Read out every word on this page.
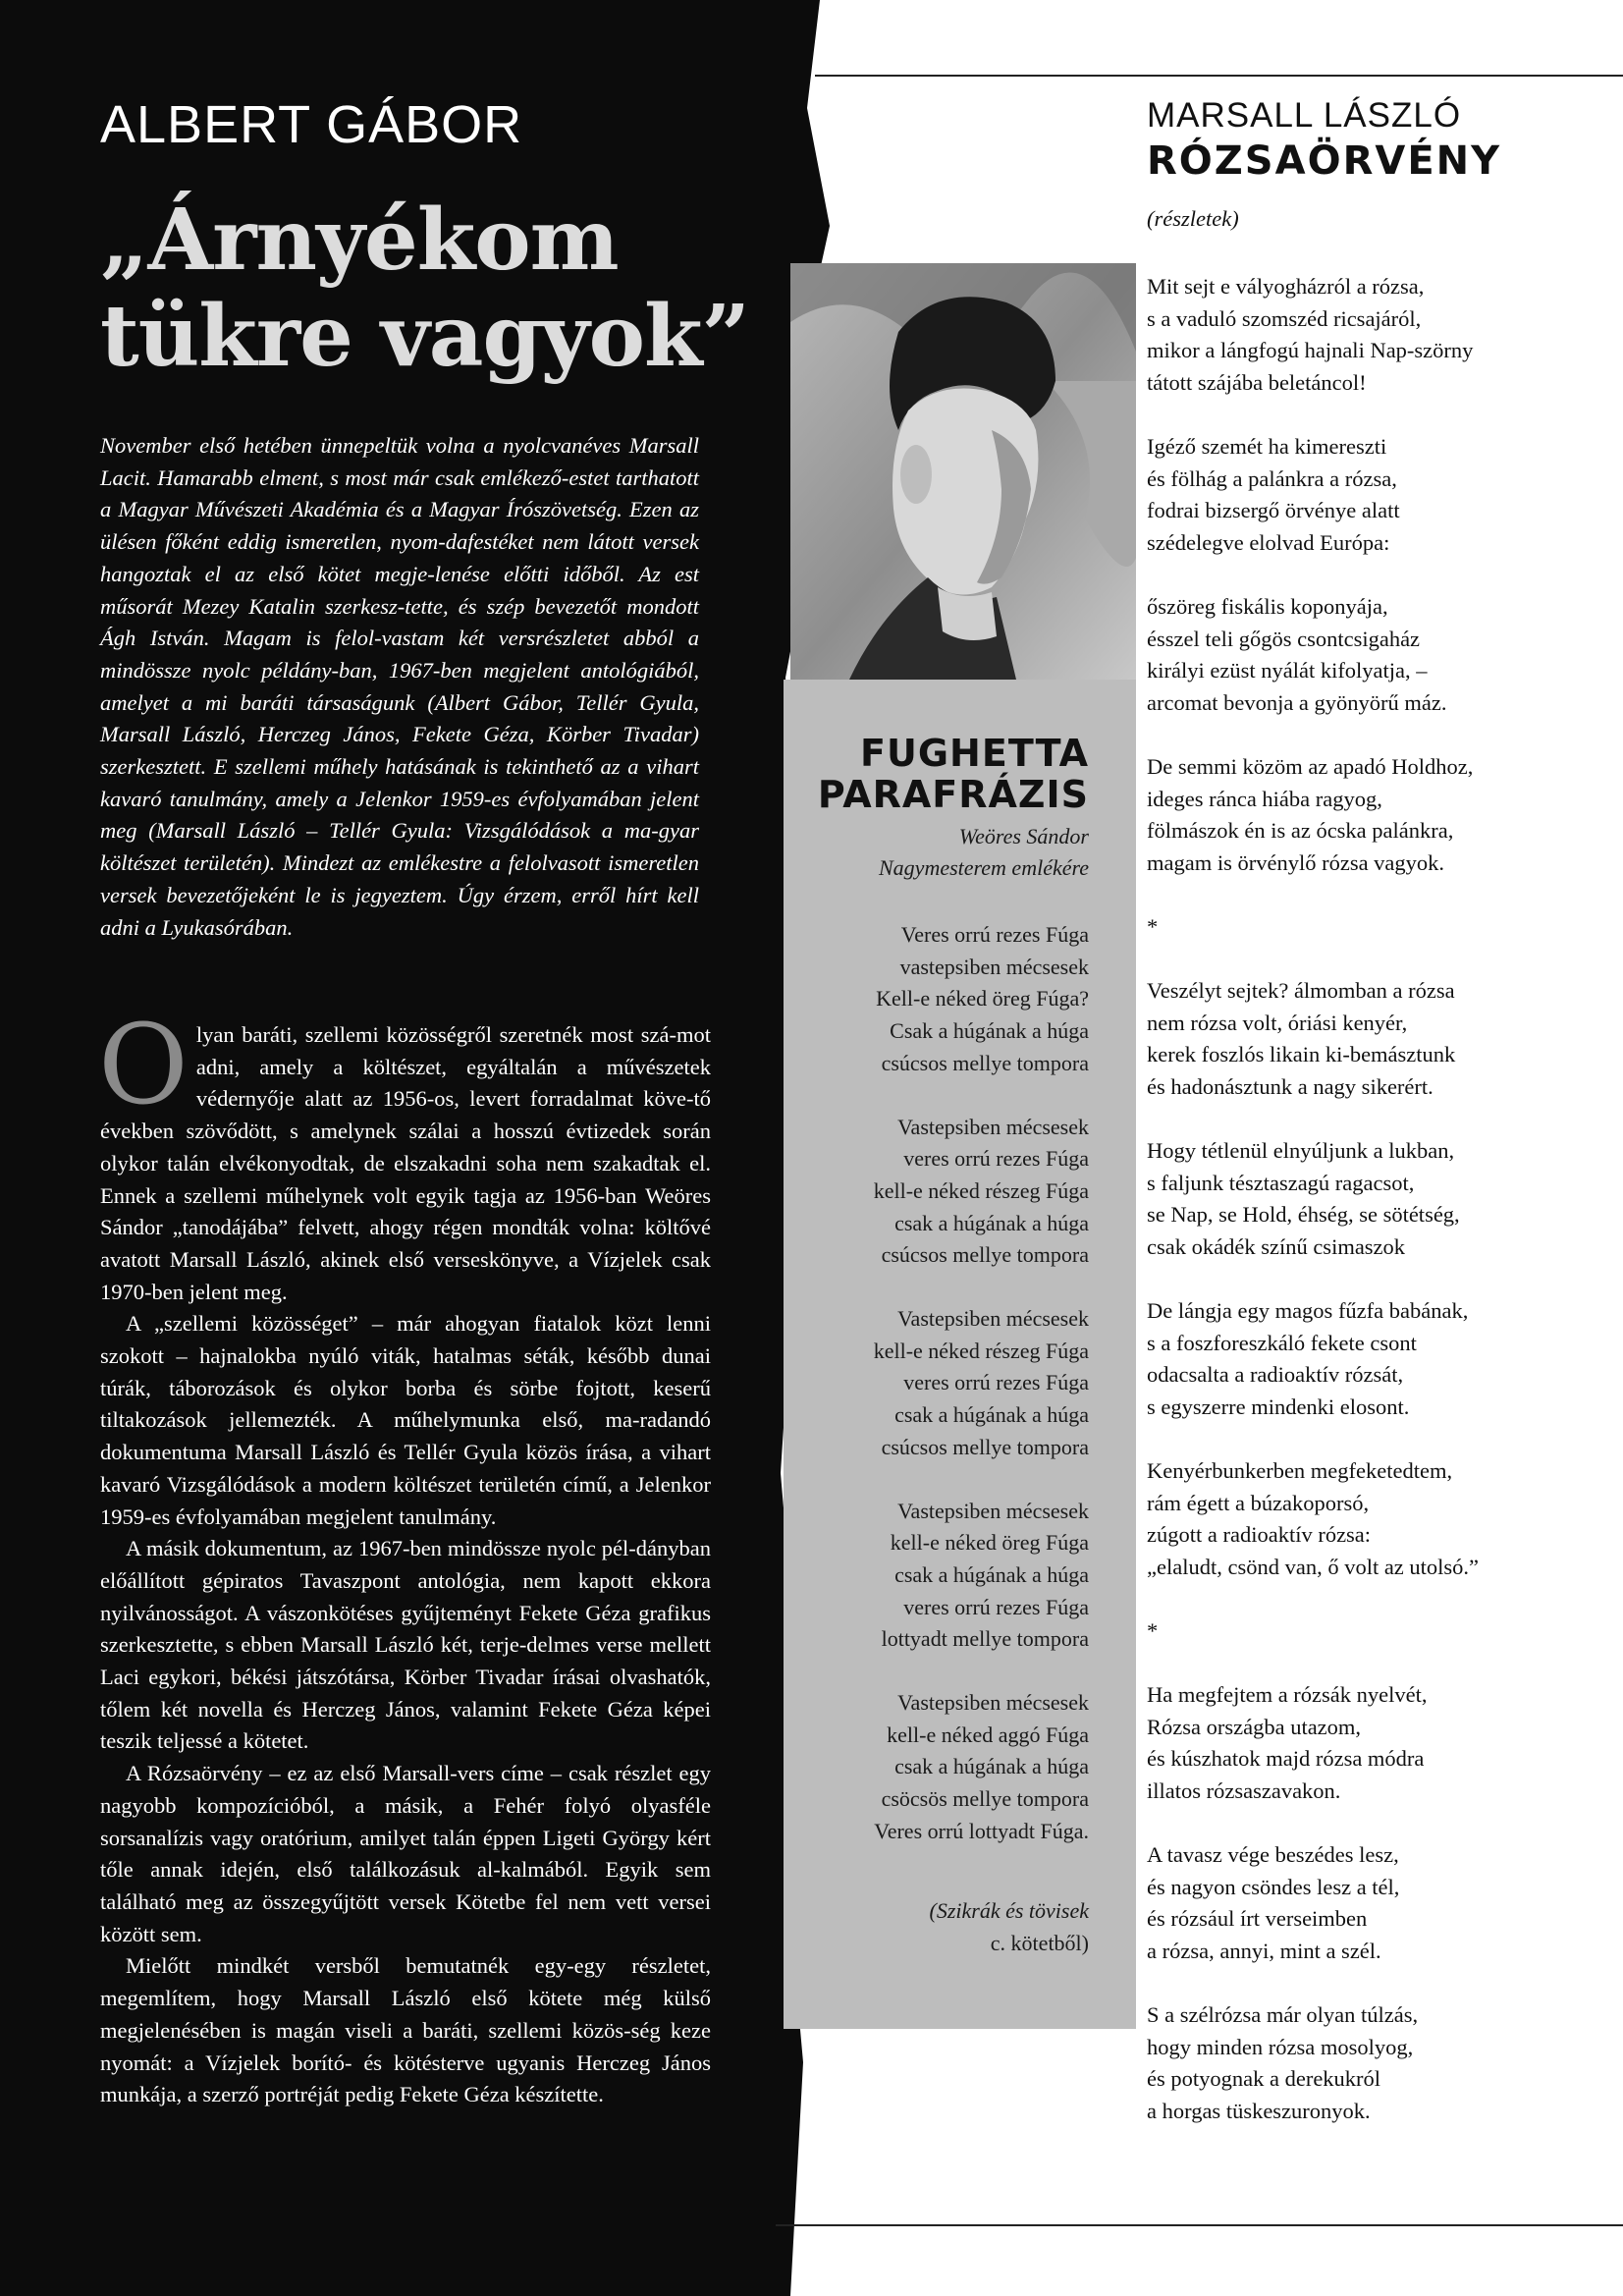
ALBERT GÁBOR
„Árnyékom
tükre vagyok”

November első hetében ünnepeltük volna a nyolcvanéves Marsall Lacit. Hamarabb elment, s most már csak emlékező-estet tarthatott a Magyar Művészeti Akadémia és a Magyar Írószövetség. Ezen az ülésen főként eddig ismeretlen, nyom-dafestéket nem látott versek hangoztak el az első kötet megje-lenése előtti időből. Az est műsorát Mezey Katalin szerkesz-tette, és szép bevezetőt mondott Ágh István. Magam is felol-vastam két versrészletet abból a mindössze nyolc példány-ban, 1967-ben megjelent antológiából, amelyet a mi baráti társaságunk (Albert Gábor, Tellér Gyula, Marsall László, Herczeg János, Fekete Géza, Körber Tivadar) szerkesztett. E szellemi műhely hatásának is tekinthető az a vihart kavaró tanulmány, amely a Jelenkor 1959-es évfolyamában jelent meg (Marsall László – Tellér Gyula: Vizsgálódások a ma-gyar költészet területén). Mindezt az emlékestre a felolvasott ismeretlen versek bevezetőjeként le is jegyeztem. Úgy érzem, erről hírt kell adni a Lyukasórában.

Olyan baráti, szellemi közösségről szeretnék most szá-mot adni, amely a költészet, egyáltalán a művészetek védernyője alatt az 1956-os, levert forradalmat köve-tő években szövődött, s amelynek szálai a hosszú évtizedek során olykor talán elvékonyodtak, de elszakadni soha nem szakadtak el. Ennek a szellemi műhelynek volt egyik tagja az 1956-ban Weöres Sándor „tanodájába” felvett, ahogy régen mondták volna: költővé avatott Marsall László, akinek első verseskönyve, a Vízjelek csak 1970-ben jelent meg.

A „szellemi közösséget” – már ahogyan fiatalok közt lenni szokott – hajnalokba nyúló viták, hatalmas séták, később dunai túrák, táborozások és olykor borba és sörbe fojtott, keserű tiltakozások jellemezték. A műhelymunka első, ma-radandó dokumentuma Marsall László és Tellér Gyula közös írása, a vihart kavaró Vizsgálódások a modern költészet területén című, a Jelenkor 1959-es évfolyamában megjelent tanulmány.

A másik dokumentum, az 1967-ben mindössze nyolc pél-dányban előállított gépiratos Tavaszpont antológia, nem kapott ekkora nyilvánosságot. A vászonkötéses gyűjteményt Fekete Géza grafikus szerkesztette, s ebben Marsall László két, terje-delmes verse mellett Laci egykori, békési játszótársa, Körber Tivadar írásai olvashatók, tőlem két novella és Herczeg János, valamint Fekete Géza képei teszik teljessé a kötetet.

A Rózsaörvény – ez az első Marsall-vers címe – csak részlet egy nagyobb kompozícióból, a másik, a Fehér folyó olyasféle sorsanalízis vagy oratórium, amilyet talán éppen Ligeti György kért tőle annak idején, első találkozásuk al-kalmából. Egyik sem található meg az összegyűjtött versek Kötetbe fel nem vett versei között sem.

Mielőtt mindkét versből bemutatnék egy-egy részletet, megemlítem, hogy Marsall László első kötete még külső megjelenésében is magán viseli a baráti, szellemi közös-ség keze nyomát: a Vízjelek borító- és kötésterve ugyanis Herczeg János munkája, a szerző portréját pedig Fekete Géza készítette.

FUGHETTA
PARAFRÁZIS
Weöres Sándor
Nagymesterem emlékére
Veres orrú rezes Fúga
vastepsiben mécsesek
Kell-e néked öreg Fúga?
Csak a húgának a húga
csúcsos mellye tompora
Vastepsiben mécsesek
veres orrú rezes Fúga
kell-e néked részeg Fúga
csak a húgának a húga
csúcsos mellye tompora
Vastepsiben mécsesek
kell-e néked részeg Fúga
veres orrú rezes Fúga
csak a húgának a húga
csúcsos mellye tompora
Vastepsiben mécsesek
kell-e néked öreg Fúga
csak a húgának a húga
veres orrú rezes Fúga
lottyadt mellye tompora
Vastepsiben mécsesek
kell-e néked aggó Fúga
csak a húgának a húga
csöcsös mellye tompora
Veres orrú lottyadt Fúga.
(Szikrák és tövisek
c. kötetből)
MARSALL LÁSZLÓ
RÓZSAÖRVÉNY
(részletek)
Mit sejt e vályogházról a rózsa,
s a vaduló szomszéd ricsajáról,
mikor a lángfogú hajnali Nap-szörny
tátott szájába beletáncol!
Igéző szemét ha kimereszti
és fölhág a palánkra a rózsa,
fodrai bizsergő örvénye alatt
szédelegve elolvad Európa:
őszöreg fiskális koponyája,
ésszel teli gőgös csontcsigaház
királyi ezüst nyálát kifolyatja, –
arcomat bevonja a gyönyörű máz.
De semmi közöm az apadó Holdhoz,
ideges ránca hiába ragyog,
fölmászok én is az ócska palánkra,
magam is örvénylő rózsa vagyok.
*
Veszélyt sejtek? álmomban a rózsa
nem rózsa volt, óriási kenyér,
kerek foszlós likain ki-bemásztunk
és hadonásztunk a nagy sikerért.
Hogy tétlenül elnyúljunk a lukban,
s faljunk tésztaszagú ragacsot,
se Nap, se Hold, éhség, se sötétség,
csak okádék színű csimaszok
De lángja egy magos fűzfa babának,
s a foszforeszkáló fekete csont
odacsalta a radioaktív rózsát,
s egyszerre mindenki elosont.
Kenyérbunkerben megfeketedtem,
rám égett a búzakoporsó,
zúgott a radioaktív rózsa:
„elaludt, csönd van, ő volt az utolsó.”
*
Ha megfejtem a rózsák nyelvét,
Rózsa országba utazom,
és kúszhatok majd rózsa módra
illatos rózsaszavakon.
A tavasz vége beszédes lesz,
és nagyon csöndes lesz a tél,
és rózsául írt verseimben
a rózsa, annyi, mint a szél.
S a szélrózsa már olyan túlzás,
hogy minden rózsa mosolyog,
és potyognak a derekukról
a horgas tüskeszuronyok.
